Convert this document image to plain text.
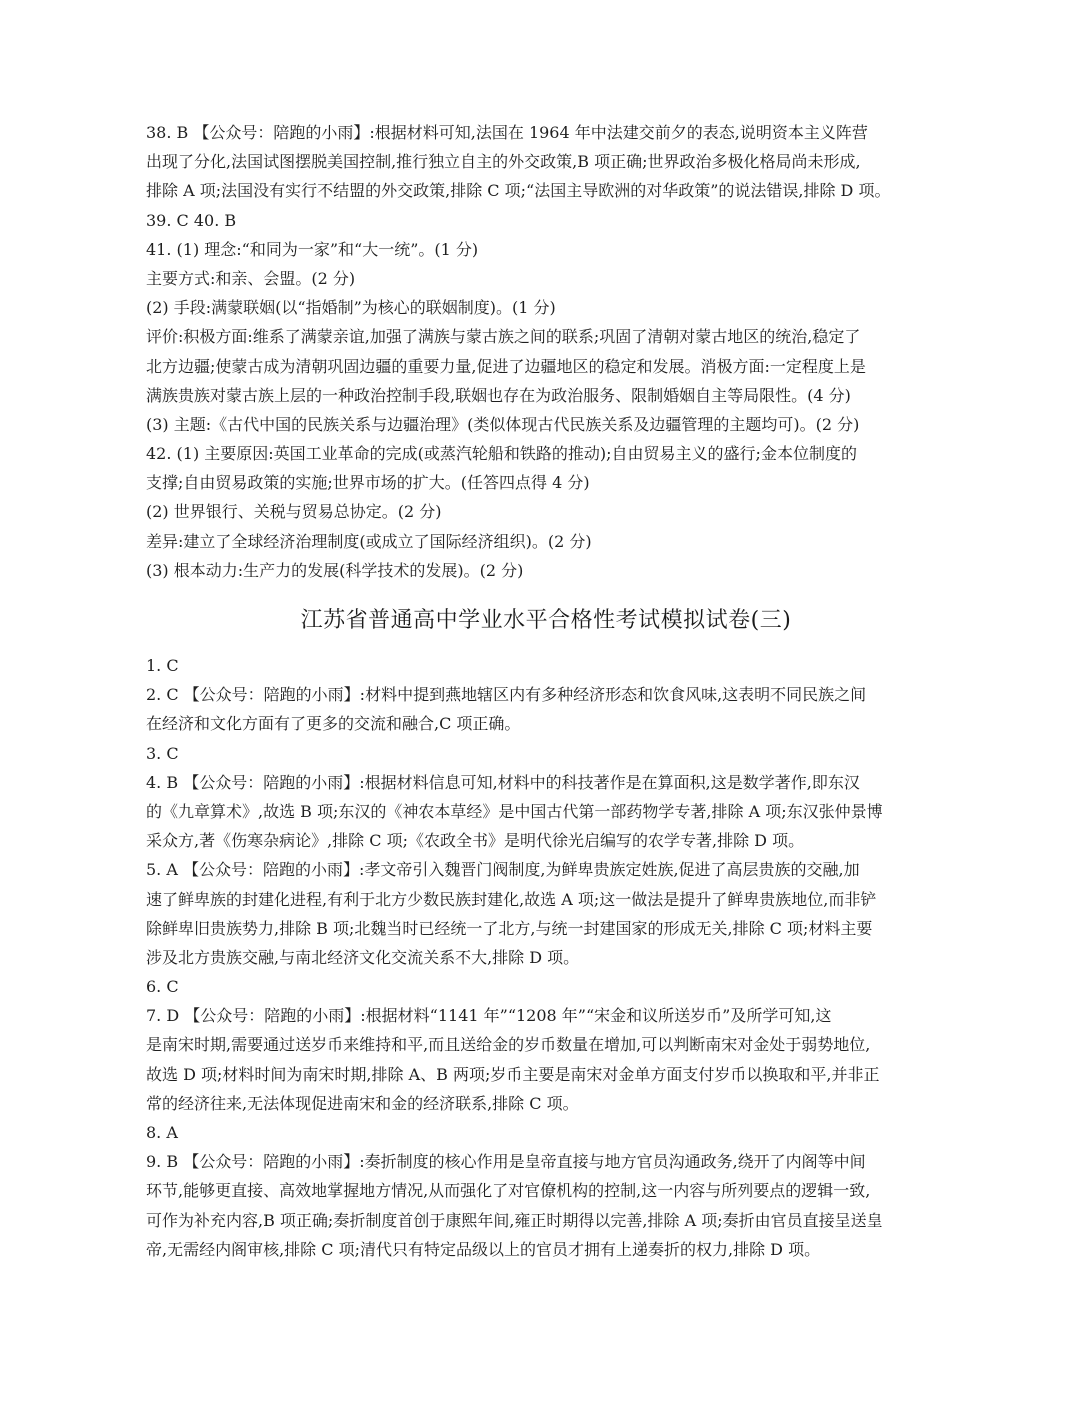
38. B 【公众号：陪跑的小雨】:根据材料可知,法国在 1964 年中法建交前夕的表态,说明资本主义阵营
出现了分化,法国试图摆脱美国控制,推行独立自主的外交政策,B 项正确;世界政治多极化格局尚未形成,
排除 A 项;法国没有实行不结盟的外交政策,排除 C 项;“法国主导欧洲的对华政策”的说法错误,排除 D 项。
39. C 40. B
41. (1) 理念:“和同为一家”和“大一统”。(1 分)
主要方式:和亲、会盟。(2 分)
(2) 手段:满蒙联姻(以“指婚制”为核心的联姻制度)。(1 分)
评价:积极方面:维系了满蒙亲谊,加强了满族与蒙古族之间的联系;巩固了清朝对蒙古地区的统治,稳定了
北方边疆;使蒙古成为清朝巩固边疆的重要力量,促进了边疆地区的稳定和发展。消极方面:一定程度上是
满族贵族对蒙古族上层的一种政治控制手段,联姻也存在为政治服务、限制婚姻自主等局限性。(4 分)
(3) 主题:《古代中国的民族关系与边疆治理》(类似体现古代民族关系及边疆管理的主题均可)。(2 分)
42. (1) 主要原因:英国工业革命的完成(或蒸汽轮船和铁路的推动);自由贸易主义的盛行;金本位制度的
支撑;自由贸易政策的实施;世界市场的扩大。(任答四点得 4 分)
(2) 世界银行、关税与贸易总协定。(2 分)
差异:建立了全球经济治理制度(或成立了国际经济组织)。(2 分)
(3) 根本动力:生产力的发展(科学技术的发展)。(2 分)
江苏省普通高中学业水平合格性考试模拟试卷(三)
1. C
2. C 【公众号：陪跑的小雨】:材料中提到燕地辖区内有多种经济形态和饮食风味,这表明不同民族之间
在经济和文化方面有了更多的交流和融合,C 项正确。
3. C
4. B 【公众号：陪跑的小雨】:根据材料信息可知,材料中的科技著作是在算面积,这是数学著作,即东汉
的《九章算术》,故选 B 项;东汉的《神农本草经》是中国古代第一部药物学专著,排除 A 项;东汉张仲景博
采众方,著《伤寒杂病论》,排除 C 项;《农政全书》是明代徐光启编写的农学专著,排除 D 项。
5. A 【公众号：陪跑的小雨】:孝文帝引入魏晋门阀制度,为鲜卑贵族定姓族,促进了高层贵族的交融,加
速了鲜卑族的封建化进程,有利于北方少数民族封建化,故选 A 项;这一做法是提升了鲜卑贵族地位,而非铲
除鲜卑旧贵族势力,排除 B 项;北魏当时已经统一了北方,与统一封建国家的形成无关,排除 C 项;材料主要
涉及北方贵族交融,与南北经济文化交流关系不大,排除 D 项。
6. C
7. D 【公众号：陪跑的小雨】:根据材料“1141 年”“1208 年”“宋金和议所送岁币”及所学可知,这
是南宋时期,需要通过送岁币来维持和平,而且送给金的岁币数量在增加,可以判断南宋对金处于弱势地位,
故选 D 项;材料时间为南宋时期,排除 A、B 两项;岁币主要是南宋对金单方面支付岁币以换取和平,并非正
常的经济往来,无法体现促进南宋和金的经济联系,排除 C 项。
8. A
9. B 【公众号：陪跑的小雨】:奏折制度的核心作用是皇帝直接与地方官员沟通政务,绕开了内阁等中间
环节,能够更直接、高效地掌握地方情况,从而强化了对官僚机构的控制,这一内容与所列要点的逻辑一致,
可作为补充内容,B 项正确;奏折制度首创于康熙年间,雍正时期得以完善,排除 A 项;奏折由官员直接呈送皇
帝,无需经内阁审核,排除 C 项;清代只有特定品级以上的官员才拥有上递奏折的权力,排除 D 项。
